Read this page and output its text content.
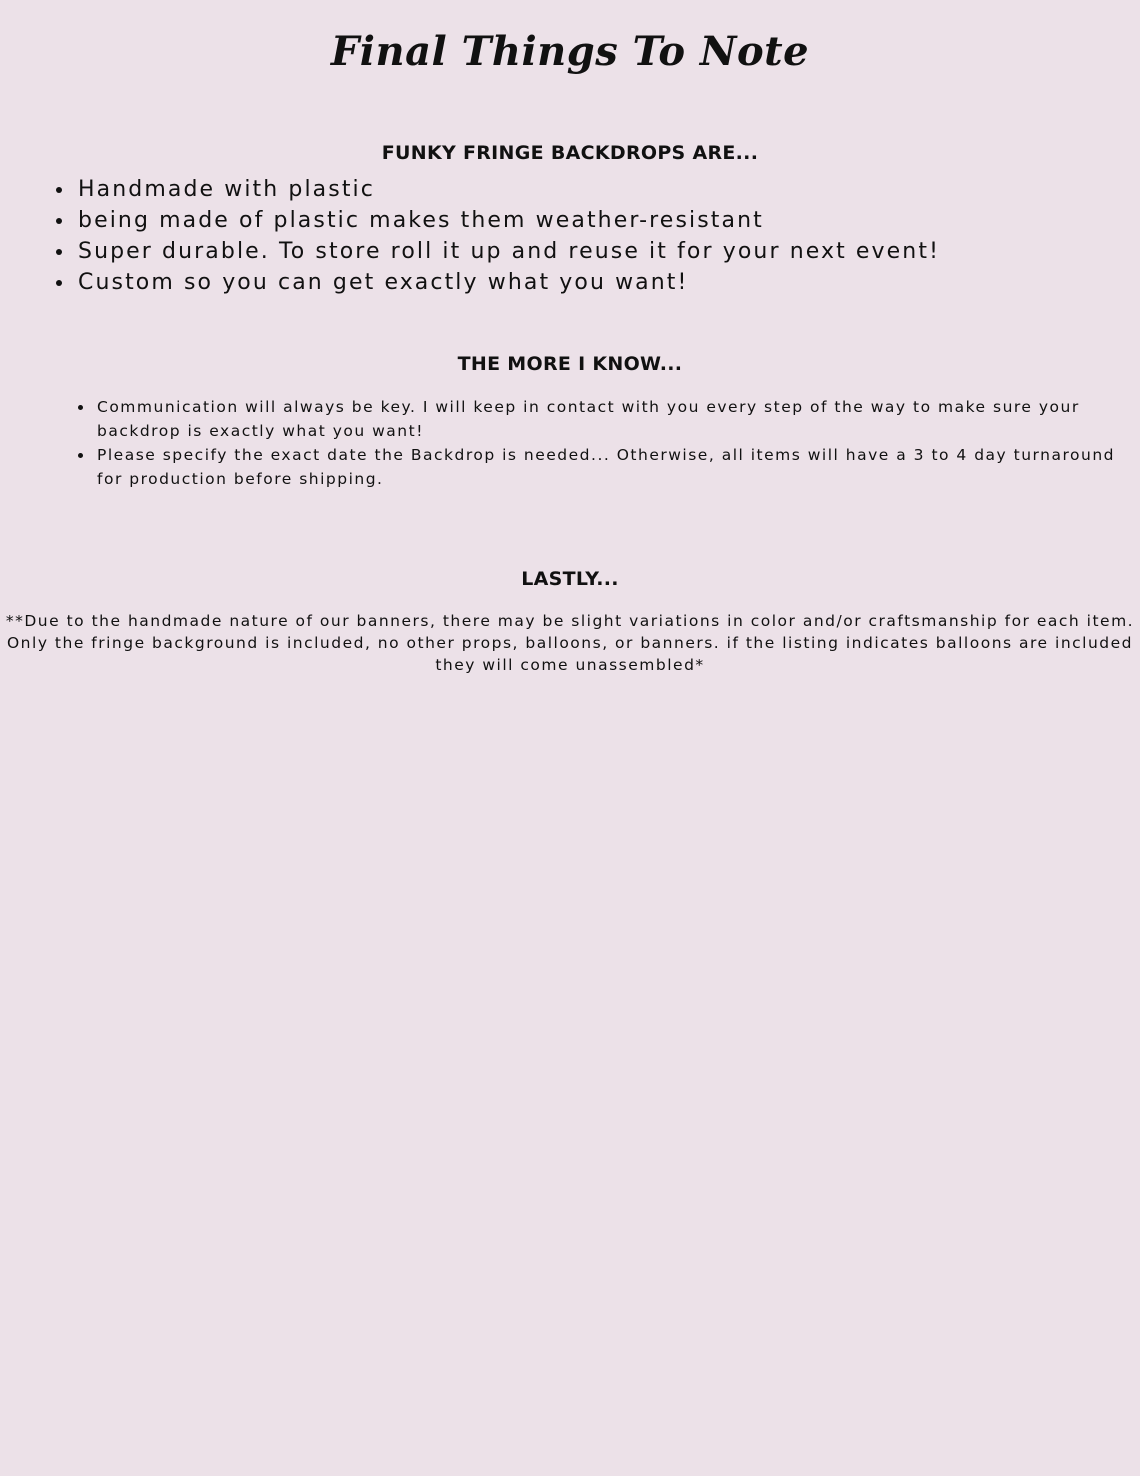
Final Things To Note
FUNKY FRINGE BACKDROPS ARE...
Handmade with plastic
being made of plastic makes them weather-resistant
Super durable. To store roll it up and reuse it for your next event!
Custom so you can get exactly what you want!
THE MORE I KNOW...
Communication will always be key. I will keep in contact with you every step of the way to make sure your backdrop is exactly what you want!
Please specify the exact date the Backdrop is needed... Otherwise, all items will have a 3 to 4 day turnaround for production before shipping.
LASTLY...

**Due to the handmade nature of our banners, there may be slight variations in color and/or craftsmanship for each item. Only the fringe background is included, no other props, balloons, or banners. if the listing indicates balloons are included they will come unassembled*
